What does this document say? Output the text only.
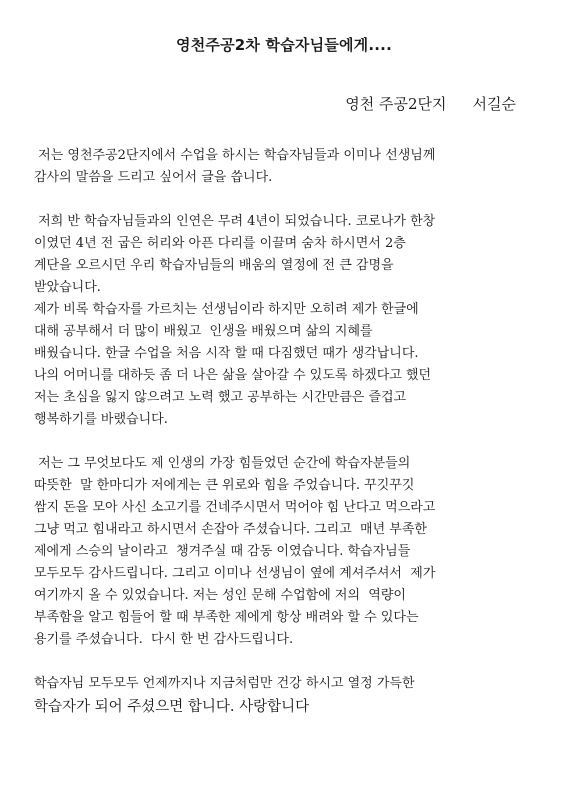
영천주공2차 학습자님들에게....
영천 주공2단지 서길순
저는 영천주공2단지에서 수업을 하시는 학습자님들과 이미나 선생님께
감사의 말씀을 드리고 싶어서 글을 씁니다.
저희 반 학습자님들과의 인연은 무려 4년이 되었습니다. 코로나가 한창
이였던 4년 전 굽은 허리와 아픈 다리를 이끌며 숨차 하시면서 2층
계단을 오르시던 우리 학습자님들의 배움의 열정에 전 큰 감명을
받았습니다.
제가 비록 학습자를 가르치는 선생님이라 하지만 오히려 제가 한글에
대해 공부해서 더 많이 배웠고  인생을 배웠으며 삶의 지혜를
배웠습니다. 한글 수업을 처음 시작 할 때 다짐했던 때가 생각납니다.
나의 어머니를 대하듯 좀 더 나은 삶을 살아갈 수 있도록 하겠다고 했던
저는 초심을 잃지 않으려고 노력 했고 공부하는 시간만큼은 즐겁고
행복하기를 바랬습니다.
저는 그 무엇보다도 제 인생의 가장 힘들었던 순간에 학습자분들의
따뜻한  말 한마디가 저에게는 큰 위로와 힘을 주었습니다. 꾸깃꾸깃
쌈지 돈을 모아 사신 소고기를 건네주시면서 먹어야 힘 난다고 먹으라고
그냥 먹고 힘내라고 하시면서 손잡아 주셨습니다. 그리고  매년 부족한
제에게 스승의 날이라고  챙겨주실 때 감동 이였습니다. 학습자님들
모두모두 감사드립니다. 그리고 이미나 선생님이 옆에 계셔주셔서  제가
여기까지 올 수 있었습니다. 저는 성인 문해 수업함에 저의  역량이
부족함을 알고 힘들어 할 때 부족한 제에게 항상 배려와 할 수 있다는
용기를 주셨습니다.  다시 한 번 감사드립니다.
학습자님 모두모두 언제까지나 지금처럼만 건강 하시고 열정 가득한
학습자가 되어 주셨으면 합니다. 사랑합니다
